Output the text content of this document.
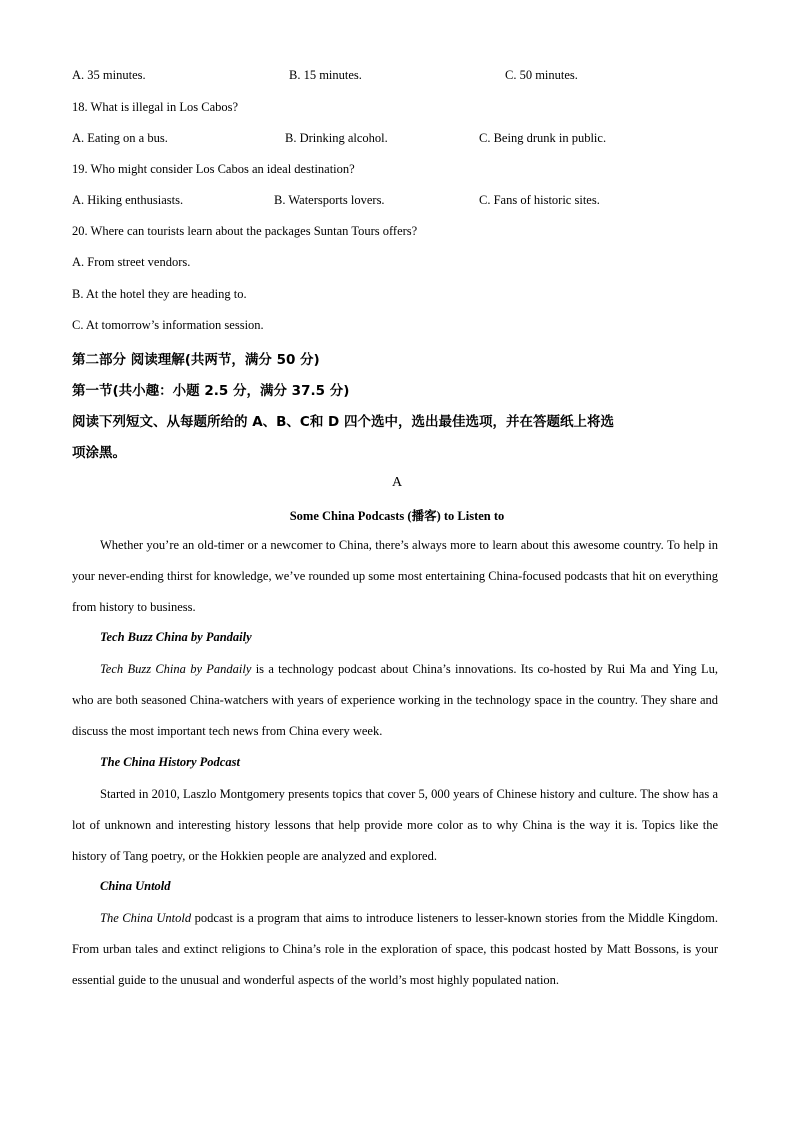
A. 35 minutes.	B. 15 minutes.	C. 50 minutes.
18. What is illegal in Los Cabos?
A. Eating on a bus.	B. Drinking alcohol.	C. Being drunk in public.
19. Who might consider Los Cabos an ideal destination?
A. Hiking enthusiasts.	B. Watersports lovers.	C. Fans of historic sites.
20. Where can tourists learn about the packages Suntan Tours offers?
A. From street vendors.
B. At the hotel they are heading to.
C. At tomorrow’s information session.
第二部分 阅读理解(共两节，满分 50 分)
第一节(共小趣：小题 2.5 分，满分 37.5 分)
阅读下列短文、从每题所给的 A、B、C和 D 四个选中，选出最佳选项，并在答题纸上将选
项涂黑。
A
Some China Podcasts (播客) to Listen to
Whether you’re an old-timer or a newcomer to China, there’s always more to learn about this awesome country. To help in your never-ending thirst for knowledge, we’ve rounded up some most entertaining China-focused podcasts that hit on everything from history to business.
Tech Buzz China by Pandaily
Tech Buzz China by Pandaily is a technology podcast about China’s innovations. Its co-hosted by Rui Ma and Ying Lu, who are both seasoned China-watchers with years of experience working in the technology space in the country. They share and discuss the most important tech news from China every week.
The China History Podcast
Started in 2010, Laszlo Montgomery presents topics that cover 5, 000 years of Chinese history and culture. The show has a lot of unknown and interesting history lessons that help provide more color as to why China is the way it is. Topics like the history of Tang poetry, or the Hokkien people are analyzed and explored.
China Untold
The China Untold podcast is a program that aims to introduce listeners to lesser-known stories from the Middle Kingdom. From urban tales and extinct religions to China’s role in the exploration of space, this podcast hosted by Matt Bossons, is your essential guide to the unusual and wonderful aspects of the world’s most highly populated nation.
